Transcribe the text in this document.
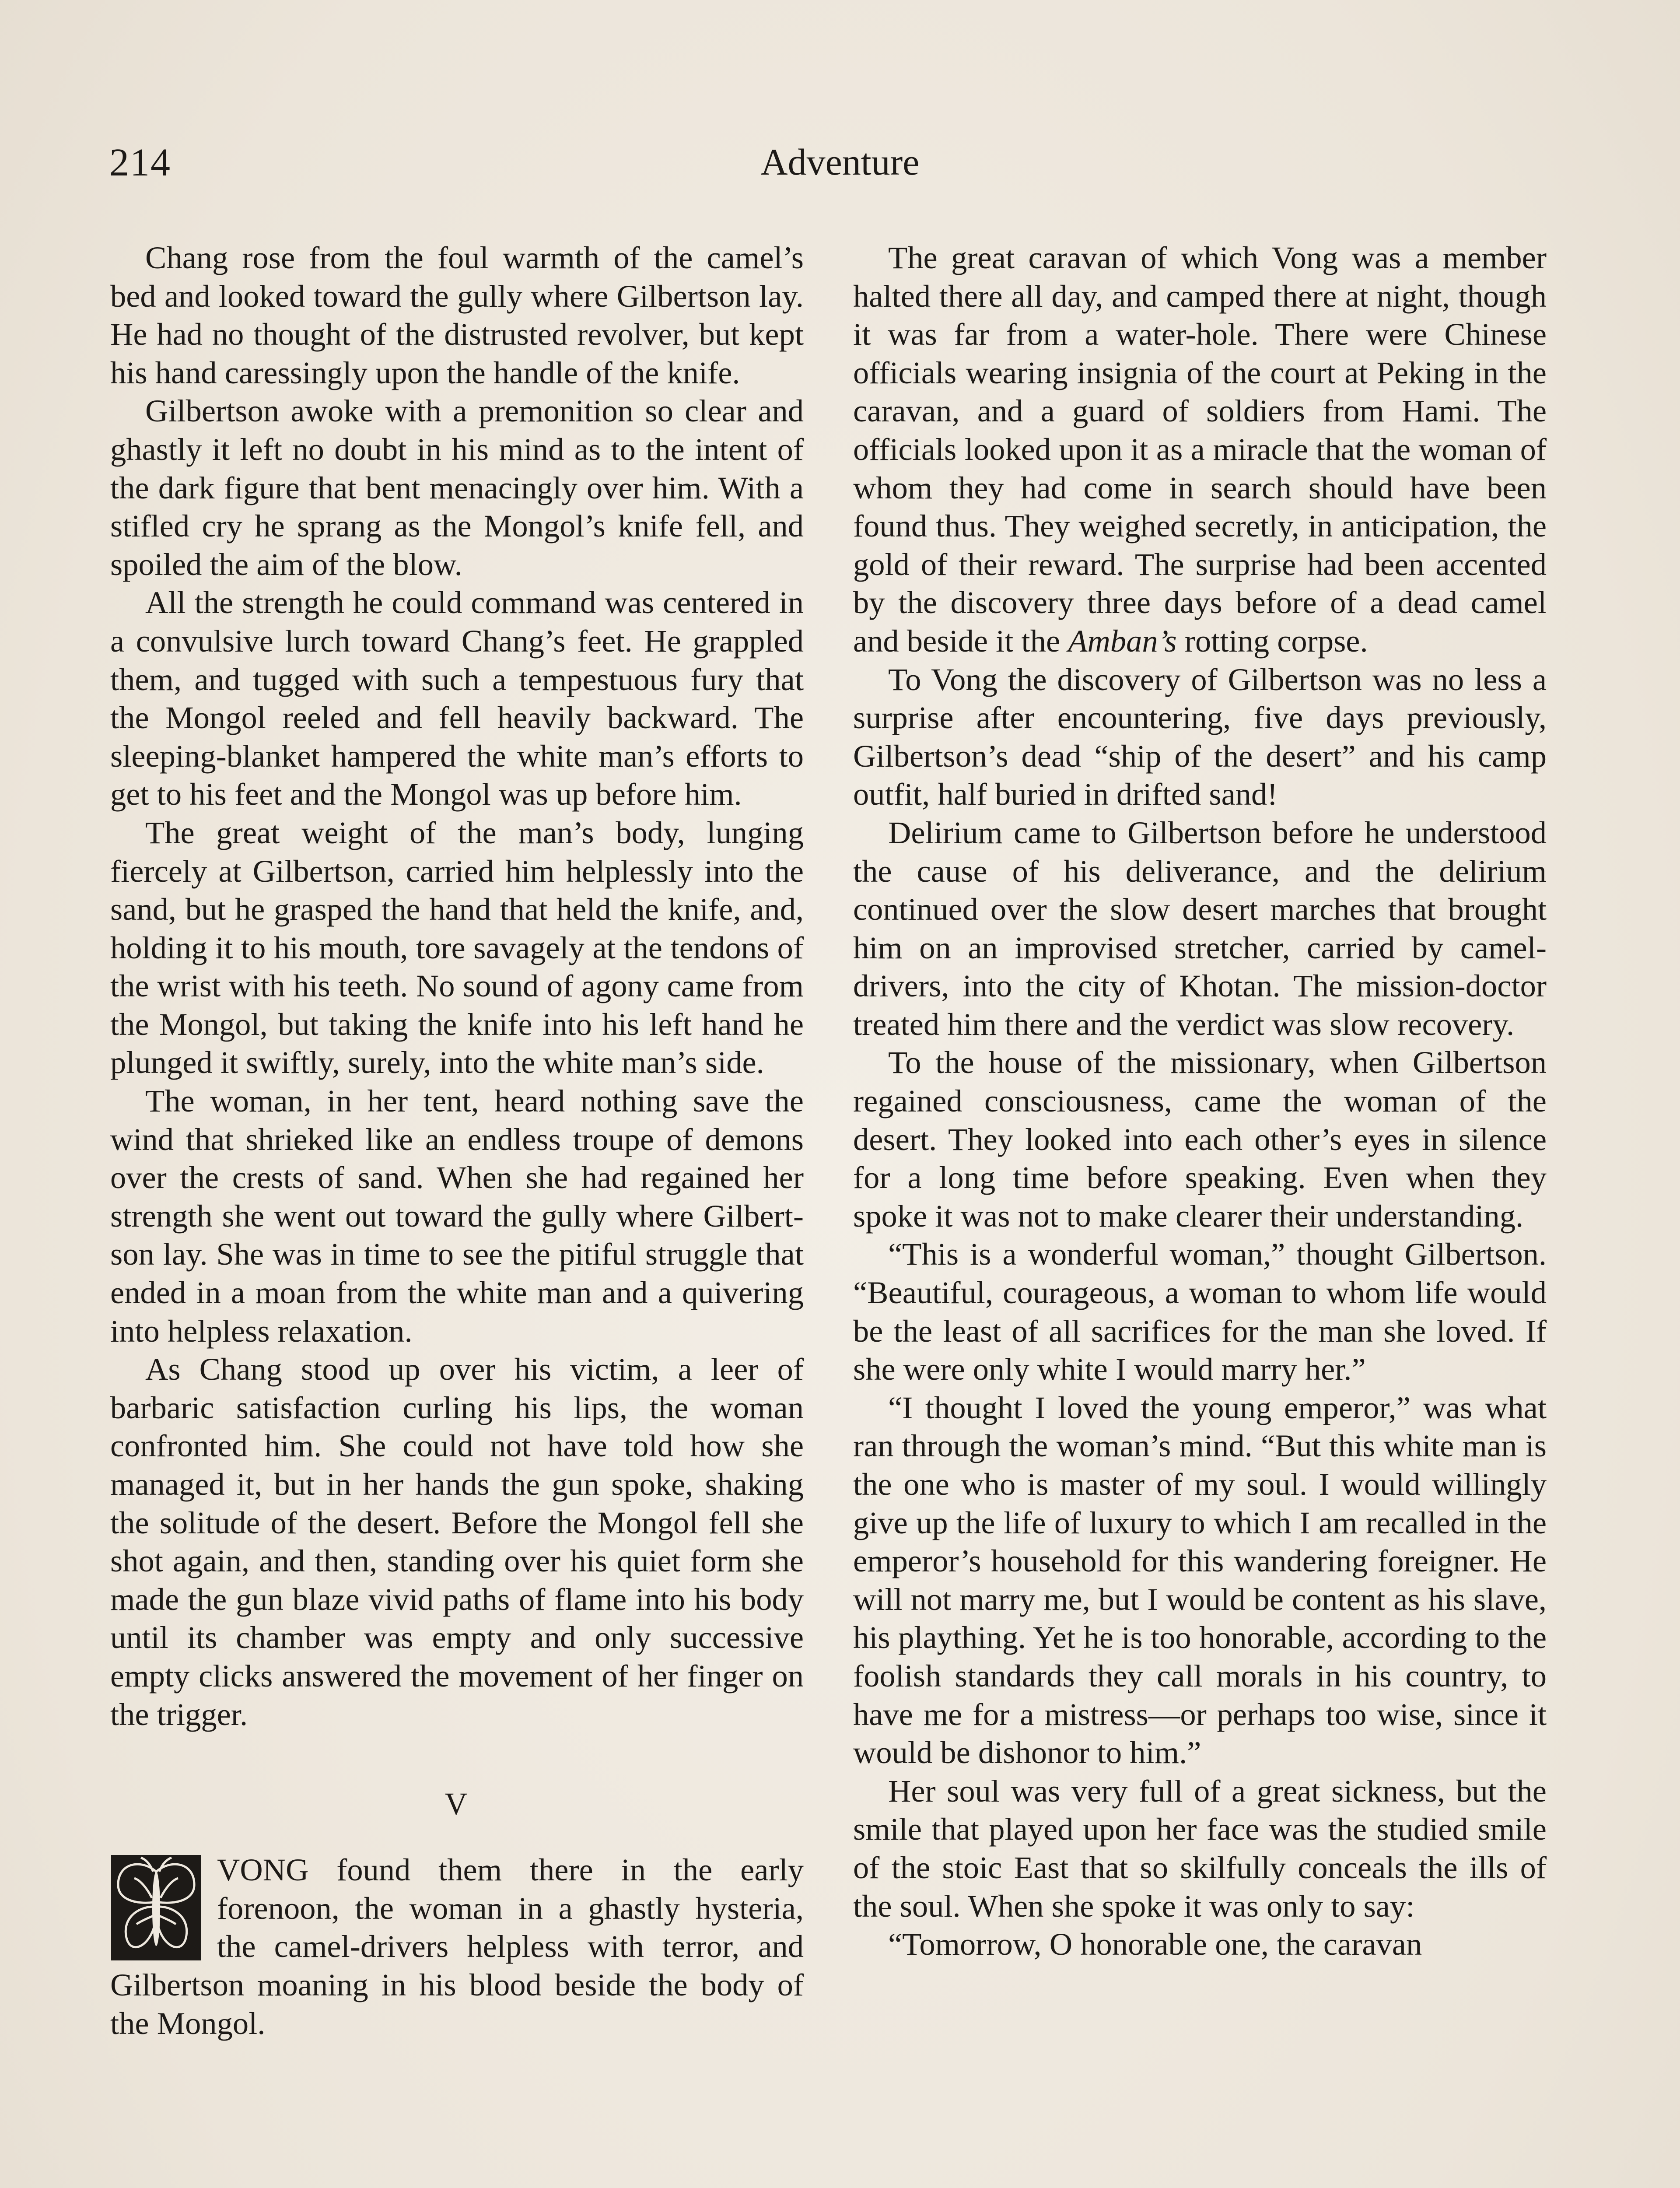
214	Adventure

Chang rose from the foul warmth of the camel’s bed and looked toward the gully where Gilbertson lay. He had no thought of the distrusted revolver, but kept his hand caressingly upon the handle of the knife.

Gilbertson awoke with a premonition so clear and ghastly it left no doubt in his mind as to the intent of the dark figure that bent menacingly over him. With a stifled cry he sprang as the Mongol’s knife fell, and spoiled the aim of the blow.

All the strength he could command was centered in a convulsive lurch toward Chang’s feet. He grappled them, and tugged with such a tempestuous fury that the Mongol reeled and fell heavily backward. The sleeping-blanket hampered the white man’s efforts to get to his feet and the Mongol was up before him.

The great weight of the man’s body, lunging fiercely at Gilbertson, carried him helplessly into the sand, but he grasped the hand that held the knife, and, holding it to his mouth, tore savagely at the tendons of the wrist with his teeth. No sound of agony came from the Mongol, but taking the knife into his left hand he plunged it swiftly, surely, into the white man’s side.

The woman, in her tent, heard nothing save the wind that shrieked like an endless troupe of demons over the crests of sand. When she had regained her strength she went out toward the gully where Gilbertson lay. She was in time to see the pitiful struggle that ended in a moan from the white man and a quivering into helpless relaxation.

As Chang stood up over his victim, a leer of barbaric satisfaction curling his lips, the woman confronted him. She could not have told how she managed it, but in her hands the gun spoke, shaking the solitude of the desert. Before the Mongol fell she shot again, and then, standing over his quiet form she made the gun blaze vivid paths of flame into his body until its chamber was empty and only successive empty clicks answered the movement of her finger on the trigger.

V

VONG found them there in the early forenoon, the woman in a ghastly hysteria, the camel-drivers helpless with terror, and Gilbertson moaning in his blood beside the body of the Mongol.

The great caravan of which Vong was a member halted there all day, and camped there at night, though it was far from a water-hole. There were Chinese officials wearing insignia of the court at Peking in the caravan, and a guard of soldiers from Hami. The officials looked upon it as a miracle that the woman of whom they had come in search should have been found thus. They weighed secretly, in anticipation, the gold of their reward. The surprise had been accented by the discovery three days before of a dead camel and beside it the Amban’s rotting corpse.

To Vong the discovery of Gilbertson was no less a surprise after encountering, five days previously, Gilbertson’s dead “ship of the desert” and his camp outfit, half buried in drifted sand!

Delirium came to Gilbertson before he understood the cause of his deliverance, and the delirium continued over the slow desert marches that brought him on an improvised stretcher, carried by camel-drivers, into the city of Khotan. The mission-doctor treated him there and the verdict was slow recovery.

To the house of the missionary, when Gilbertson regained consciousness, came the woman of the desert. They looked into each other’s eyes in silence for a long time before speaking. Even when they spoke it was not to make clearer their understanding.

“This is a wonderful woman,” thought Gilbertson. “Beautiful, courageous, a woman to whom life would be the least of all sacrifices for the man she loved. If she were only white I would marry her.”

“I thought I loved the young emperor,” was what ran through the woman’s mind. “But this white man is the one who is master of my soul. I would willingly give up the life of luxury to which I am recalled in the emperor’s household for this wandering foreigner. He will not marry me, but I would be content as his slave, his plaything. Yet he is too honorable, according to the foolish standards they call morals in his country, to have me for a mistress—or perhaps too wise, since it would be dishonor to him.”

Her soul was very full of a great sickness, but the smile that played upon her face was the studied smile of the stoic East that so skilfully conceals the ills of the soul. When she spoke it was only to say:

“Tomorrow, O honorable one, the caravan
